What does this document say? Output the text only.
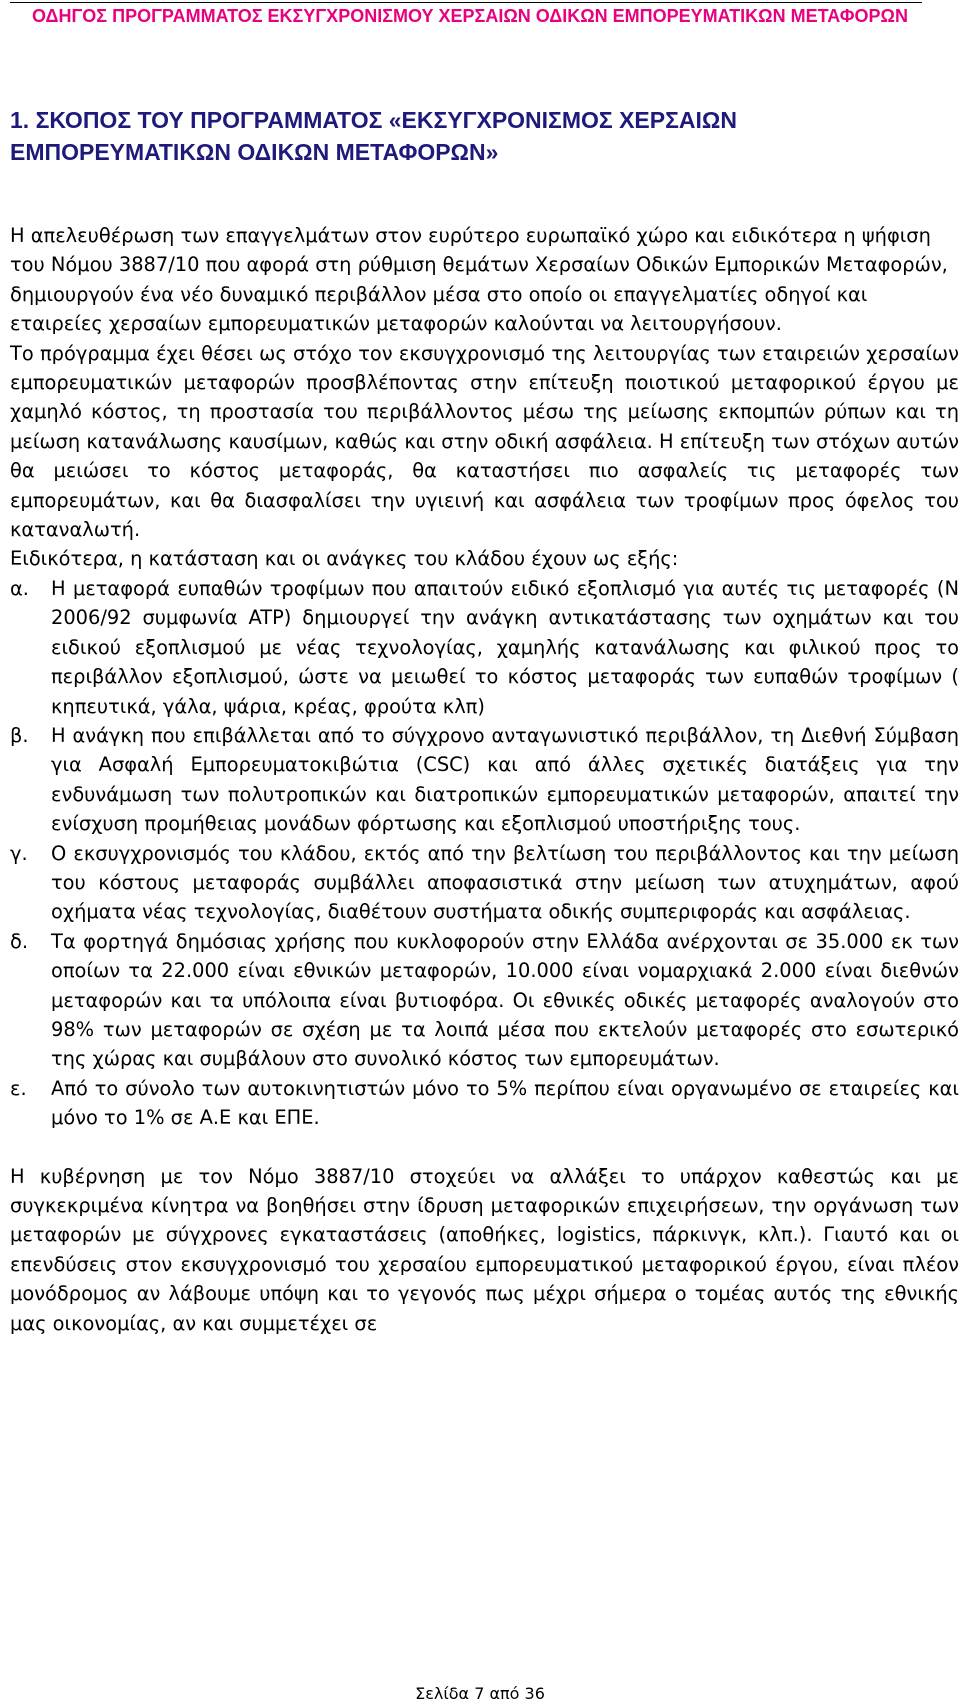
ΟΔΗΓΟΣ ΠΡΟΓΡΑΜΜΑΤΟΣ ΕΚΣΥΓΧΡΟΝΙΣΜΟΥ ΧΕΡΣΑΙΩΝ ΟΔΙΚΩΝ ΕΜΠΟΡΕΥΜΑΤΙΚΩΝ ΜΕΤΑΦΟΡΩΝ
1. ΣΚΟΠΟΣ ΤΟΥ ΠΡΟΓΡΑΜΜΑΤΟΣ «ΕΚΣΥΓΧΡΟΝΙΣΜΟΣ ΧΕΡΣΑΙΩΝ ΕΜΠΟΡΕΥΜΑΤΙΚΩΝ ΟΔΙΚΩΝ ΜΕΤΑΦΟΡΩΝ»

Η απελευθέρωση των επαγγελμάτων στον ευρύτερο ευρωπαϊκό χώρο και ειδικότερα η ψήφιση του Νόμου 3887/10 που αφορά στη ρύθμιση θεμάτων Χερσαίων Οδικών Εμπορικών Μεταφορών, δημιουργούν ένα νέο δυναμικό περιβάλλον μέσα στο οποίο οι επαγγελματίες οδηγοί και εταιρείες χερσαίων εμπορευματικών μεταφορών καλούνται να λειτουργήσουν.

Το πρόγραμμα έχει θέσει ως στόχο τον εκσυγχρονισμό της λειτουργίας των εταιρειών χερσαίων εμπορευματικών μεταφορών προσβλέποντας στην επίτευξη ποιοτικού μεταφορικού έργου με χαμηλό κόστος, τη προστασία του περιβάλλοντος μέσω της μείωσης εκπομπών ρύπων και τη μείωση κατανάλωσης καυσίμων, καθώς και στην οδική ασφάλεια. Η επίτευξη των στόχων αυτών θα μειώσει το κόστος μεταφοράς, θα καταστήσει πιο ασφαλείς τις μεταφορές των εμπορευμάτων, και θα διασφαλίσει την υγιεινή και ασφάλεια των τροφίμων προς όφελος του καταναλωτή.

Ειδικότερα, η κατάσταση και οι ανάγκες του κλάδου έχουν ως εξής:

α.	Η μεταφορά ευπαθών τροφίμων που απαιτούν ειδικό εξοπλισμό για αυτές τις μεταφορές (Ν 2006/92 συμφωνία ATP) δημιουργεί την ανάγκη αντικατάστασης των οχημάτων και του ειδικού εξοπλισμού με νέας τεχνολογίας, χαμηλής κατανάλωσης και φιλικού προς το περιβάλλον εξοπλισμού, ώστε να μειωθεί το κόστος μεταφοράς των ευπαθών τροφίμων ( κηπευτικά, γάλα, ψάρια, κρέας, φρούτα κλπ)
β.	Η ανάγκη που επιβάλλεται από το σύγχρονο ανταγωνιστικό περιβάλλον, τη Διεθνή Σύμβαση για Ασφαλή Εμπορευματοκιβώτια (CSC) και από άλλες σχετικές διατάξεις για την ενδυνάμωση των πολυτροπικών και διατροπικών εμπορευματικών μεταφορών, απαιτεί την ενίσχυση προμήθειας μονάδων φόρτωσης και εξοπλισμού υποστήριξης τους.
γ.	Ο εκσυγχρονισμός του κλάδου, εκτός από την βελτίωση του περιβάλλοντος και την μείωση του κόστους μεταφοράς συμβάλλει αποφασιστικά στην μείωση των ατυχημάτων, αφού οχήματα νέας τεχνολογίας, διαθέτουν συστήματα οδικής συμπεριφοράς και ασφάλειας.
δ.	Τα φορτηγά δημόσιας χρήσης που κυκλοφορούν στην Ελλάδα ανέρχονται σε 35.000 εκ των οποίων τα 22.000 είναι εθνικών μεταφορών, 10.000 είναι νομαρχιακά 2.000 είναι διεθνών μεταφορών και τα υπόλοιπα είναι βυτιοφόρα. Οι εθνικές οδικές μεταφορές αναλογούν στο 98% των μεταφορών σε σχέση με τα λοιπά μέσα που εκτελούν μεταφορές στο εσωτερικό της χώρας και συμβάλουν στο συνολικό κόστος των εμπορευμάτων.
ε.	Από το σύνολο των αυτοκινητιστών μόνο το 5% περίπου είναι οργανωμένο σε εταιρείες και μόνο το 1% σε Α.Ε και ΕΠΕ.

Η κυβέρνηση με τον Νόμο 3887/10 στοχεύει να αλλάξει το υπάρχον καθεστώς και με συγκεκριμένα κίνητρα να βοηθήσει στην ίδρυση μεταφορικών επιχειρήσεων, την οργάνωση των μεταφορών με σύγχρονες εγκαταστάσεις (αποθήκες, logistics, πάρκινγκ, κλπ.). Γιαυτό και οι επενδύσεις στον εκσυγχρονισμό του χερσαίου εμπορευματικού μεταφορικού έργου, είναι πλέον μονόδρομος αν λάβουμε υπόψη και το γεγονός πως μέχρι σήμερα ο τομέας αυτός της εθνικής μας οικονομίας, αν και συμμετέχει σε

Σελίδα 7 από 36
